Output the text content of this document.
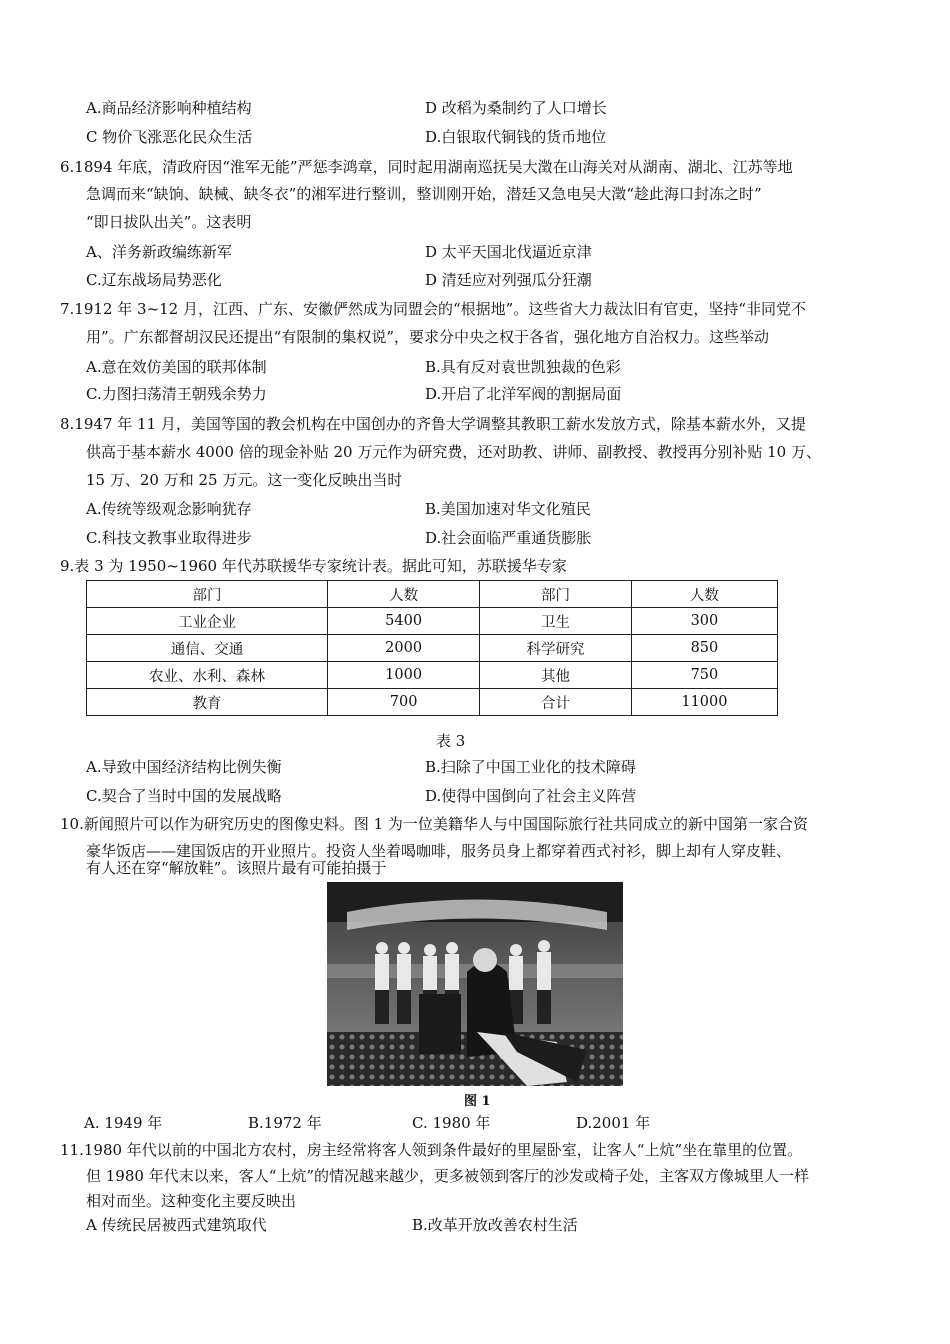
A.商品经济影响种植结构	D 改稻为桑制约了人口增长
C 物价飞涨恶化民众生活	D.白银取代铜钱的货币地位
6.1894 年底，清政府因“淮军无能”严惩李鸿章，同时起用湖南巡抚吴大澂在山海关对从湖南、湖北、江苏等地
急调而来“缺饷、缺械、缺冬衣”的湘军进行整训，整训刚开始，潜廷又急电吴大澂“趁此海口封冻之时”
“即日拔队出关”。这表明
A、洋务新政编练新军	D 太平天国北伐逼近京津
C.辽东战场局势恶化	D 清廷应对列强瓜分狂潮
7.1912 年 3~12 月，江西、广东、安徽俨然成为同盟会的“根据地”。这些省大力裁汰旧有官吏，坚持“非同党不
用”。广东都督胡汉民还提出“有限制的集权说”，要求分中央之权于各省，强化地方自治权力。这些举动
A.意在效仿美国的联邦体制	B.具有反对袁世凯独裁的色彩
C.力图扫荡清王朝残余势力	D.开启了北洋军阀的割据局面
8.1947 年 11 月，美国等国的教会机构在中国创办的齐鲁大学调整其教职工薪水发放方式，除基本薪水外，又提
供高于基本薪水 4000 倍的现金补贴 20 万元作为研究费，还对助教、讲师、副教授、教授再分别补贴 10 万、
15 万、20 万和 25 万元。这一变化反映出当时
A.传统等级观念影响犹存	B.美国加速对华文化殖民
C.科技文教事业取得进步	D.社会面临严重通货膨胀
9.表 3 为 1950~1960 年代苏联援华专家统计表。据此可知，苏联援华专家
部门	人数	部门	人数
工业企业	5400	卫生	300
通信、交通	2000	科学研究	850
农业、水利、森林	1000	其他	750
教育	700	合计	11000
表 3
A.导致中国经济结构比例失衡	B.扫除了中国工业化的技术障碍
C.契合了当时中国的发展战略	D.使得中国倒向了社会主义阵营
10.新闻照片可以作为研究历史的图像史料。图 1 为一位美籍华人与中国国际旅行社共同成立的新中国第一家合资
豪华饭店——建国饭店的开业照片。投资人坐着喝咖啡，服务员身上都穿着西式衬衫，脚上却有人穿皮鞋、
有人还在穿“解放鞋”。该照片最有可能拍摄于
图 1
A. 1949 年	B.1972 年	C. 1980 年	D.2001 年
11.1980 年代以前的中国北方农村，房主经常将客人领到条件最好的里屋卧室，让客人“上炕”坐在靠里的位置。
但 1980 年代末以来，客人“上炕”的情况越来越少，更多被领到客厅的沙发或椅子处，主客双方像城里人一样
相对而坐。这种变化主要反映出
A 传统民居被西式建筑取代	B.改革开放改善农村生活
